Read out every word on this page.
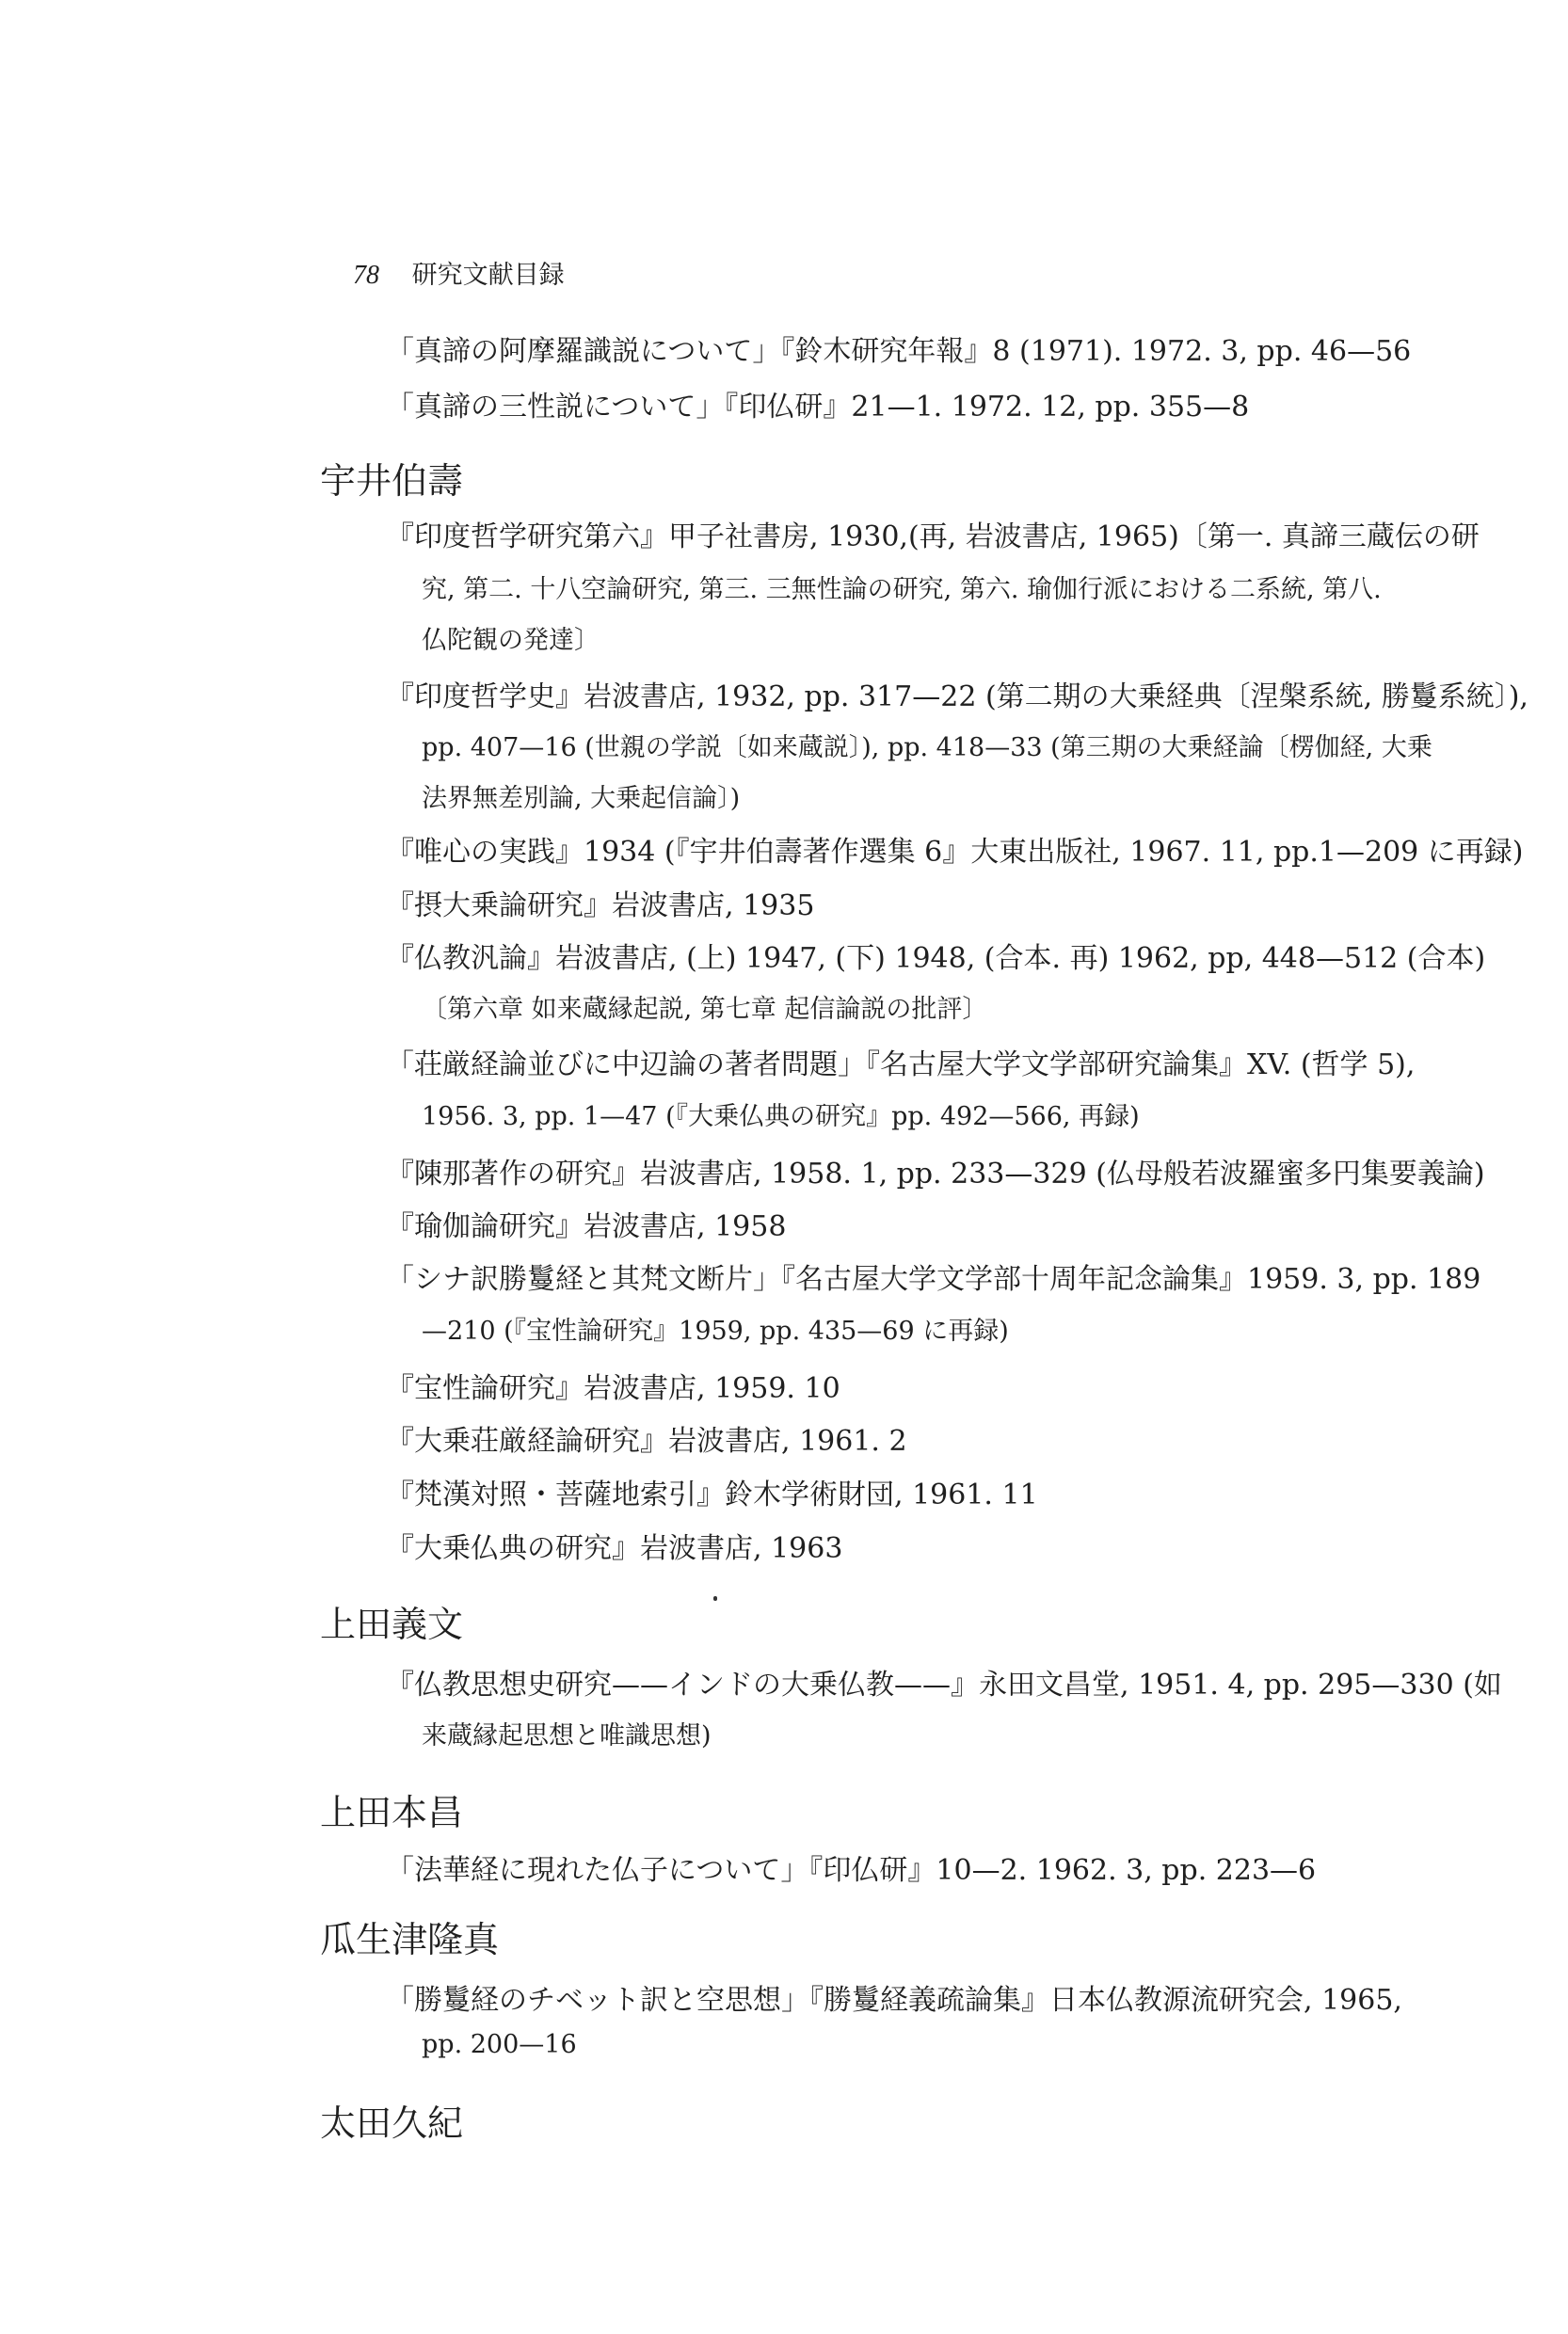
78 研究文献目録
「真諦の阿摩羅識説について」『鈴木研究年報』8 (1971). 1972. 3, pp. 46—56
「真諦の三性説について」『印仏研』21—1. 1972. 12, pp. 355—8
宇井伯壽
『印度哲学研究第六』甲子社書房, 1930,(再, 岩波書店, 1965)〔第一. 真諦三蔵伝の研
究, 第二. 十八空論研究, 第三. 三無性論の研究, 第六. 瑜伽行派における二系統, 第八.
仏陀観の発達〕
『印度哲学史』岩波書店, 1932, pp. 317—22 (第二期の大乗経典〔涅槃系統, 勝鬘系統〕),
pp. 407—16 (世親の学説〔如来蔵説〕), pp. 418—33 (第三期の大乗経論〔楞伽経, 大乗
法界無差別論, 大乗起信論〕)
『唯心の実践』1934 (『宇井伯壽著作選集 6』大東出版社, 1967. 11, pp.1—209 に再録)
『摂大乗論研究』岩波書店, 1935
『仏教汎論』岩波書店, (上) 1947, (下) 1948, (合本. 再) 1962, pp, 448—512 (合本)
〔第六章 如来蔵縁起説, 第七章 起信論説の批評〕
「荘厳経論並びに中辺論の著者問題」『名古屋大学文学部研究論集』XV. (哲学 5),
1956. 3, pp. 1—47 (『大乗仏典の研究』pp. 492—566, 再録)
『陳那著作の研究』岩波書店, 1958. 1, pp. 233—329 (仏母般若波羅蜜多円集要義論)
『瑜伽論研究』岩波書店, 1958
「シナ訳勝鬘経と其梵文断片」『名古屋大学文学部十周年記念論集』1959. 3, pp. 189
—210 (『宝性論研究』1959, pp. 435—69 に再録)
『宝性論研究』岩波書店, 1959. 10
『大乗荘厳経論研究』岩波書店, 1961. 2
『梵漢対照・菩薩地索引』鈴木学術財団, 1961. 11
『大乗仏典の研究』岩波書店, 1963
上田義文
『仏教思想史研究——インドの大乗仏教——』永田文昌堂, 1951. 4, pp. 295—330 (如
来蔵縁起思想と唯識思想)
上田本昌
「法華経に現れた仏子について」『印仏研』10—2. 1962. 3, pp. 223—6
瓜生津隆真
「勝鬘経のチベット訳と空思想」『勝鬘経義疏論集』日本仏教源流研究会, 1965,
pp. 200—16
太田久紀
